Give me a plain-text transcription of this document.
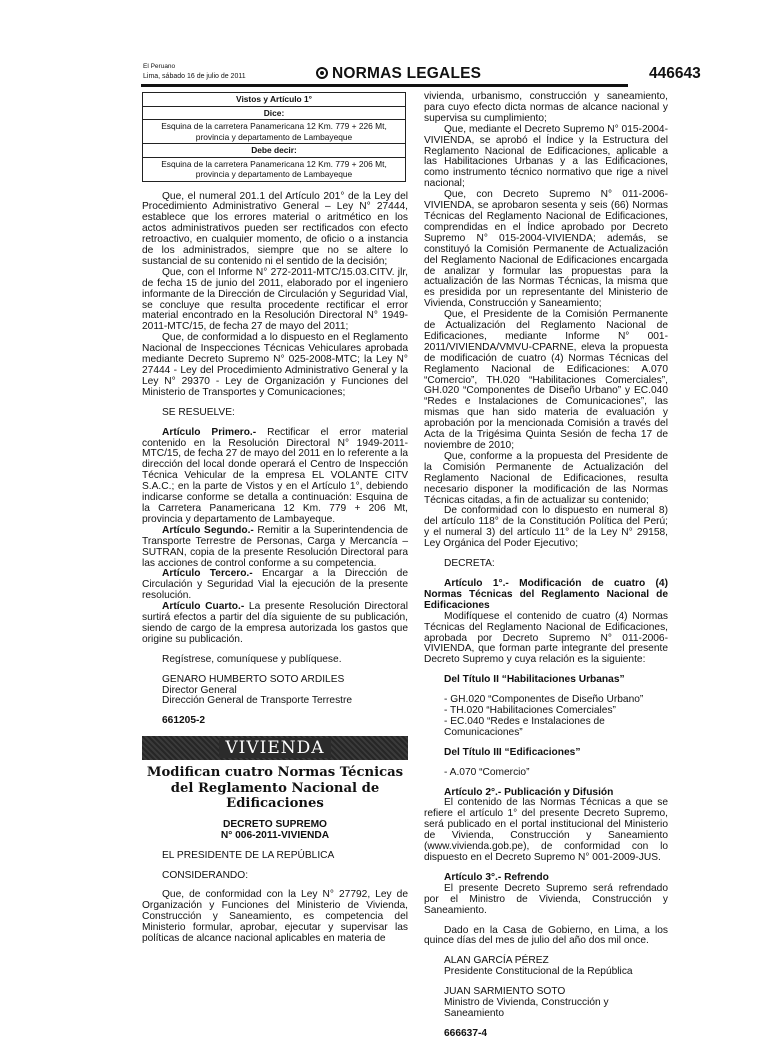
El Peruano
Lima, sábado 16 de julio de 2011	NORMAS LEGALES	446643
Vistos y Artículo 1°
Dice:
Esquina de la carretera Panamericana 12 Km. 779 + 226 Mt, provincia y departamento de Lambayeque
Debe decir:
Esquina de la carretera Panamericana 12 Km. 779 + 206 Mt, provincia y departamento de Lambayeque

Que, el numeral 201.1 del Artículo 201° de la Ley del Procedimiento Administrativo General – Ley N° 27444, establece que los errores material o aritmético en los actos administrativos pueden ser rectificados con efecto retroactivo, en cualquier momento, de oficio o a instancia de los administrados, siempre que no se altere lo sustancial de su contenido ni el sentido de la decisión;

Que, con el Informe N° 272-2011-MTC/15.03.CITV. jlr, de fecha 15 de junio del 2011, elaborado por el ingeniero informante de la Dirección de Circulación y Seguridad Vial, se concluye que resulta procedente rectificar el error material encontrado en la Resolución Directoral N° 1949-2011-MTC/15, de fecha 27 de mayo del 2011;

Que, de conformidad a lo dispuesto en el Reglamento Nacional de Inspecciones Técnicas Vehiculares aprobada mediante Decreto Supremo N° 025-2008-MTC; la Ley N° 27444 - Ley del Procedimiento Administrativo General y la Ley N° 29370 - Ley de Organización y Funciones del Ministerio de Transportes y Comunicaciones;

SE RESUELVE:

Artículo Primero.- Rectificar el error material contenido en la Resolución Directoral N° 1949-2011-MTC/15, de fecha 27 de mayo del 2011 en lo referente a la dirección del local donde operará el Centro de Inspección Técnica Vehicular de la empresa EL VOLANTE CITV S.A.C.; en la parte de Vistos y en el Artículo 1°, debiendo indicarse conforme se detalla a continuación: Esquina de la Carretera Panamericana 12 Km. 779 + 206 Mt, provincia y departamento de Lambayeque.

Artículo Segundo.- Remitir a la Superintendencia de Transporte Terrestre de Personas, Carga y Mercancía – SUTRAN, copia de la presente Resolución Directoral para las acciones de control conforme a su competencia.

Artículo Tercero.- Encargar a la Dirección de Circulación y Seguridad Vial la ejecución de la presente resolución.

Artículo Cuarto.- La presente Resolución Directoral surtirá efectos a partir del día siguiente de su publicación, siendo de cargo de la empresa autorizada los gastos que origine su publicación.

Regístrese, comuníquese y publíquese.

GENARO HUMBERTO SOTO ARDILES

Director General

Dirección General de Transporte Terrestre

661205-2

VIVIENDA

Modifican cuatro Normas Técnicas del Reglamento Nacional de Edificaciones

DECRETO SUPREMO

N° 006-2011-VIVIENDA

EL PRESIDENTE DE LA REPÚBLICA

CONSIDERANDO:

Que, de conformidad con la Ley N° 27792, Ley de Organización y Funciones del Ministerio de Vivienda, Construcción y Saneamiento, es competencia del Ministerio formular, aprobar, ejecutar y supervisar las políticas de alcance nacional aplicables en materia de

vivienda, urbanismo, construcción y saneamiento, para cuyo efecto dicta normas de alcance nacional y supervisa su cumplimiento;

Que, mediante el Decreto Supremo N° 015-2004-VIVIENDA, se aprobó el Índice y la Estructura del Reglamento Nacional de Edificaciones, aplicable a las Habilitaciones Urbanas y a las Edificaciones, como instrumento técnico normativo que rige a nivel nacional;

Que, con Decreto Supremo N° 011-2006-VIVIENDA, se aprobaron sesenta y seis (66) Normas Técnicas del Reglamento Nacional de Edificaciones, comprendidas en el Índice aprobado por Decreto Supremo N° 015-2004-VIVIENDA; además, se constituyó la Comisión Permanente de Actualización del Reglamento Nacional de Edificaciones encargada de analizar y formular las propuestas para la actualización de las Normas Técnicas, la misma que es presidida por un representante del Ministerio de Vivienda, Construcción y Saneamiento;

Que, el Presidente de la Comisión Permanente de Actualización del Reglamento Nacional de Edificaciones, mediante Informe N° 001-2011/VIVIENDA/VMVU-CPARNE, eleva la propuesta de modificación de cuatro (4) Normas Técnicas del Reglamento Nacional de Edificaciones: A.070 “Comercio”, TH.020 “Habilitaciones Comerciales”, GH.020 “Componentes de Diseño Urbano” y EC.040 “Redes e Instalaciones de Comunicaciones”, las mismas que han sido materia de evaluación y aprobación por la mencionada Comisión a través del Acta de la Trigésima Quinta Sesión de fecha 17 de noviembre de 2010;

Que, conforme a la propuesta del Presidente de la Comisión Permanente de Actualización del Reglamento Nacional de Edificaciones, resulta necesario disponer la modificación de las Normas Técnicas citadas, a fin de actualizar su contenido;

De conformidad con lo dispuesto en numeral 8) del artículo 118° de la Constitución Política del Perú; y el numeral 3) del artículo 11° de la Ley N° 29158, Ley Orgánica del Poder Ejecutivo;

DECRETA:

Artículo 1°.- Modificación de cuatro (4) Normas Técnicas del Reglamento Nacional de Edificaciones

Modifíquese el contenido de cuatro (4) Normas Técnicas del Reglamento Nacional de Edificaciones, aprobada por Decreto Supremo N° 011-2006-VIVIENDA, que forman parte integrante del presente Decreto Supremo y cuya relación es la siguiente:

Del Título II “Habilitaciones Urbanas”

- GH.020 “Componentes de Diseño Urbano”

- TH.020 “Habilitaciones Comerciales”

- EC.040 “Redes e Instalaciones de Comunicaciones”

Del Título III “Edificaciones”

- A.070 “Comercio”

Artículo 2°.- Publicación y Difusión

El contenido de las Normas Técnicas a que se refiere el artículo 1° del presente Decreto Supremo, será publicado en el portal institucional del Ministerio de Vivienda, Construcción y Saneamiento (www.vivienda.gob.pe), de conformidad con lo dispuesto en el Decreto Supremo N° 001-2009-JUS.

Artículo 3°.- Refrendo

El presente Decreto Supremo será refrendado por el Ministro de Vivienda, Construcción y Saneamiento.

Dado en la Casa de Gobierno, en Lima, a los quince días del mes de julio del año dos mil once.

ALAN GARCÍA PÉREZ

Presidente Constitucional de la República

JUAN SARMIENTO SOTO

Ministro de Vivienda, Construcción y Saneamiento

666637-4
